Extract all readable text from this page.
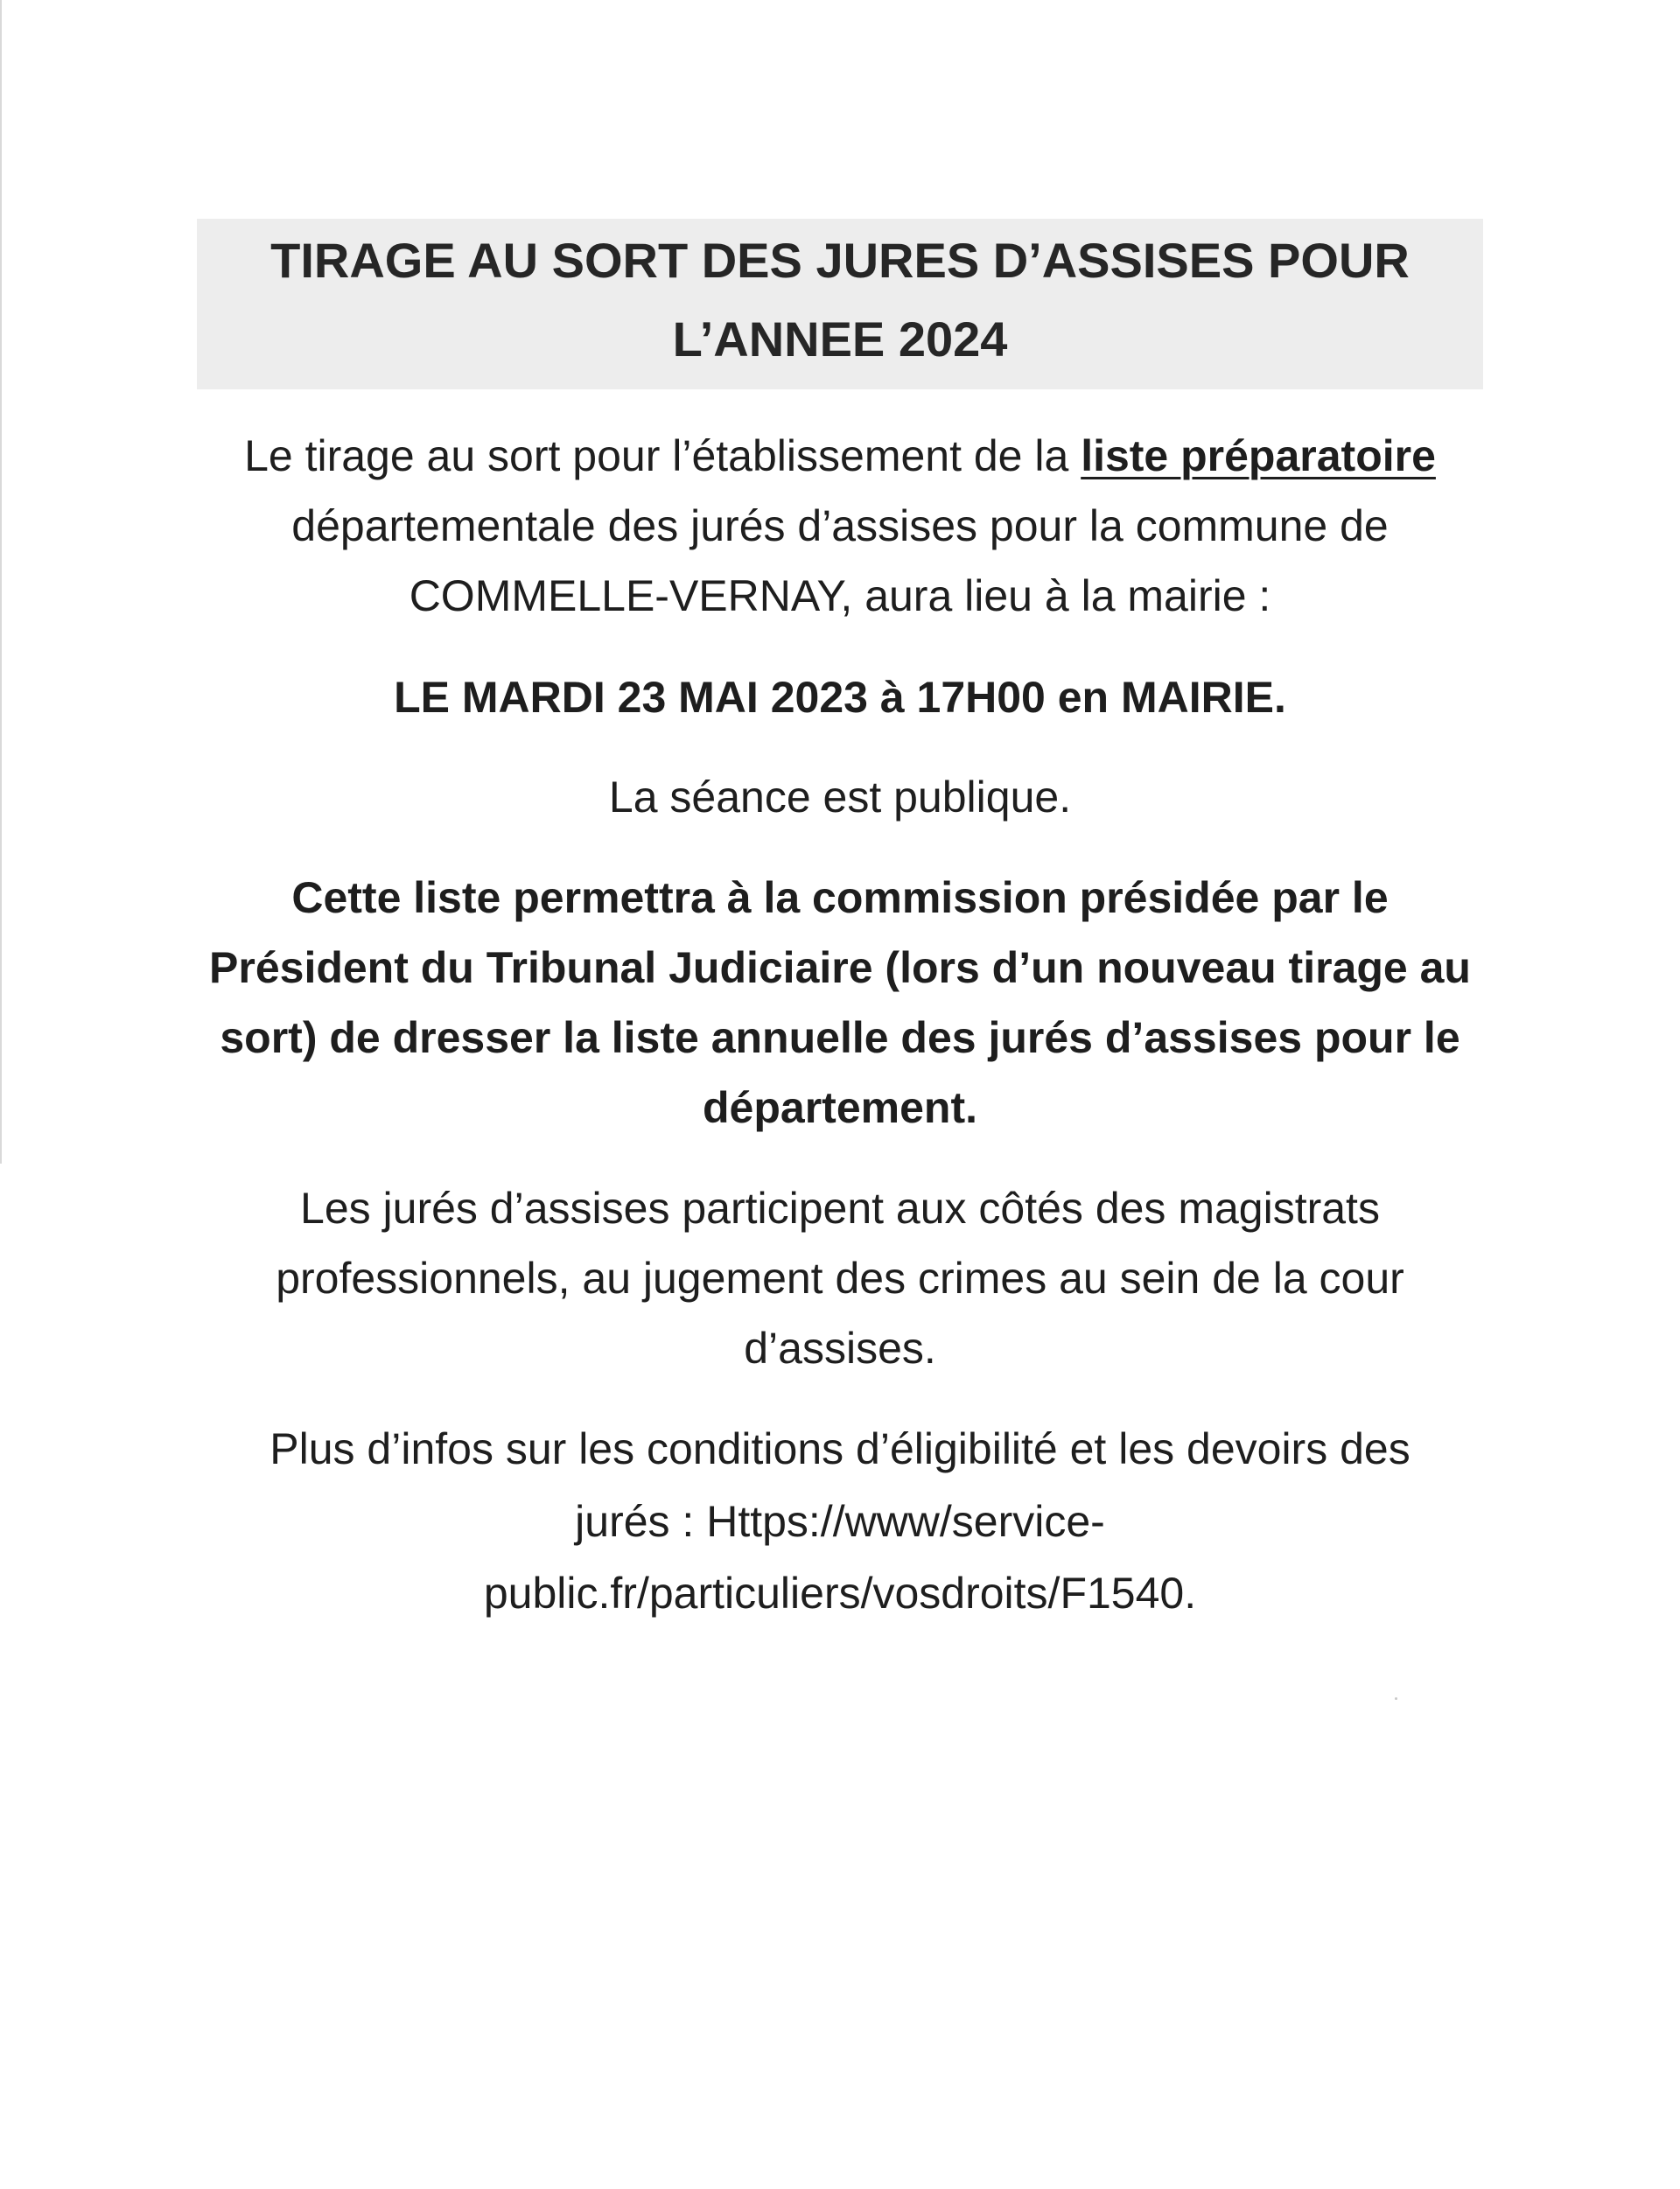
TIRAGE AU SORT DES JURES D’ASSISES POUR
L’ANNEE 2024
Le tirage au sort pour l’établissement de la liste préparatoire
départementale des jurés d’assises pour la commune de
COMMELLE-VERNAY, aura lieu à la mairie :
LE MARDI 23 MAI 2023 à 17H00 en MAIRIE.
La séance est publique.
Cette liste permettra à la commission présidée par le
Président du Tribunal Judiciaire (lors d’un nouveau tirage au
sort) de dresser la liste annuelle des jurés d’assises pour le
département.
Les jurés d’assises participent aux côtés des magistrats
professionnels, au jugement des crimes au sein de la cour
d’assises.
Plus d’infos sur les conditions d’éligibilité et les devoirs des
jurés : Https://www/service-
public.fr/particuliers/vosdroits/F1540.
